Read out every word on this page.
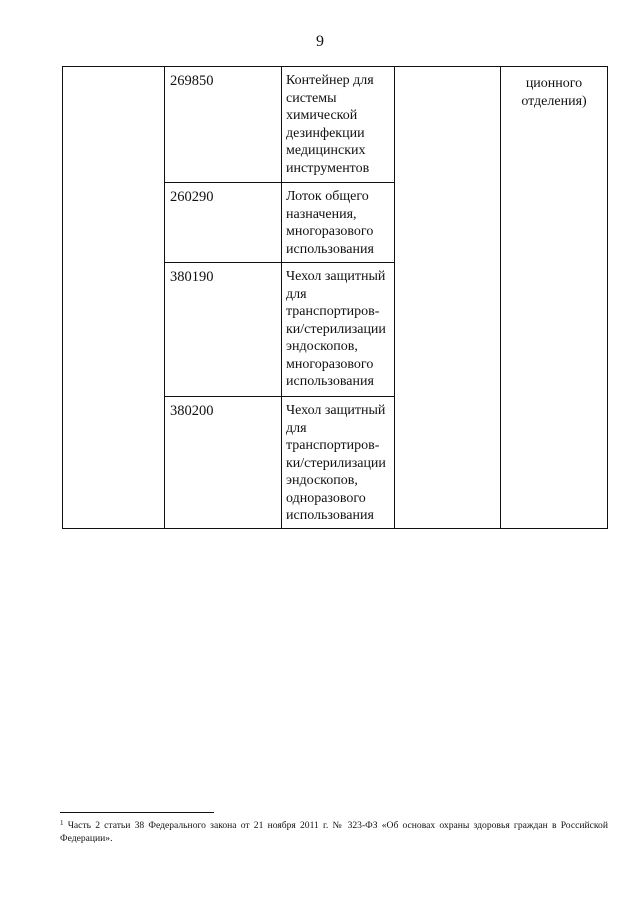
9
	269850	Контейнер для системы химической дезинфекции медицинских инструментов		ционного отделения)
	260290	Лоток общего назначения, многоразового использования		
	380190	Чехол защитный для транспортиров-ки/стерилизации эндоскопов, многоразового использования		
	380200	Чехол защитный для транспортиров-ки/стерилизации эндоскопов, одноразового использования		
$^1$ Часть 2 статьи 38 Федерального закона от 21 ноября 2011 г. № 323-ФЗ «Об основах охраны здоровья граждан в Российской Федерации».
